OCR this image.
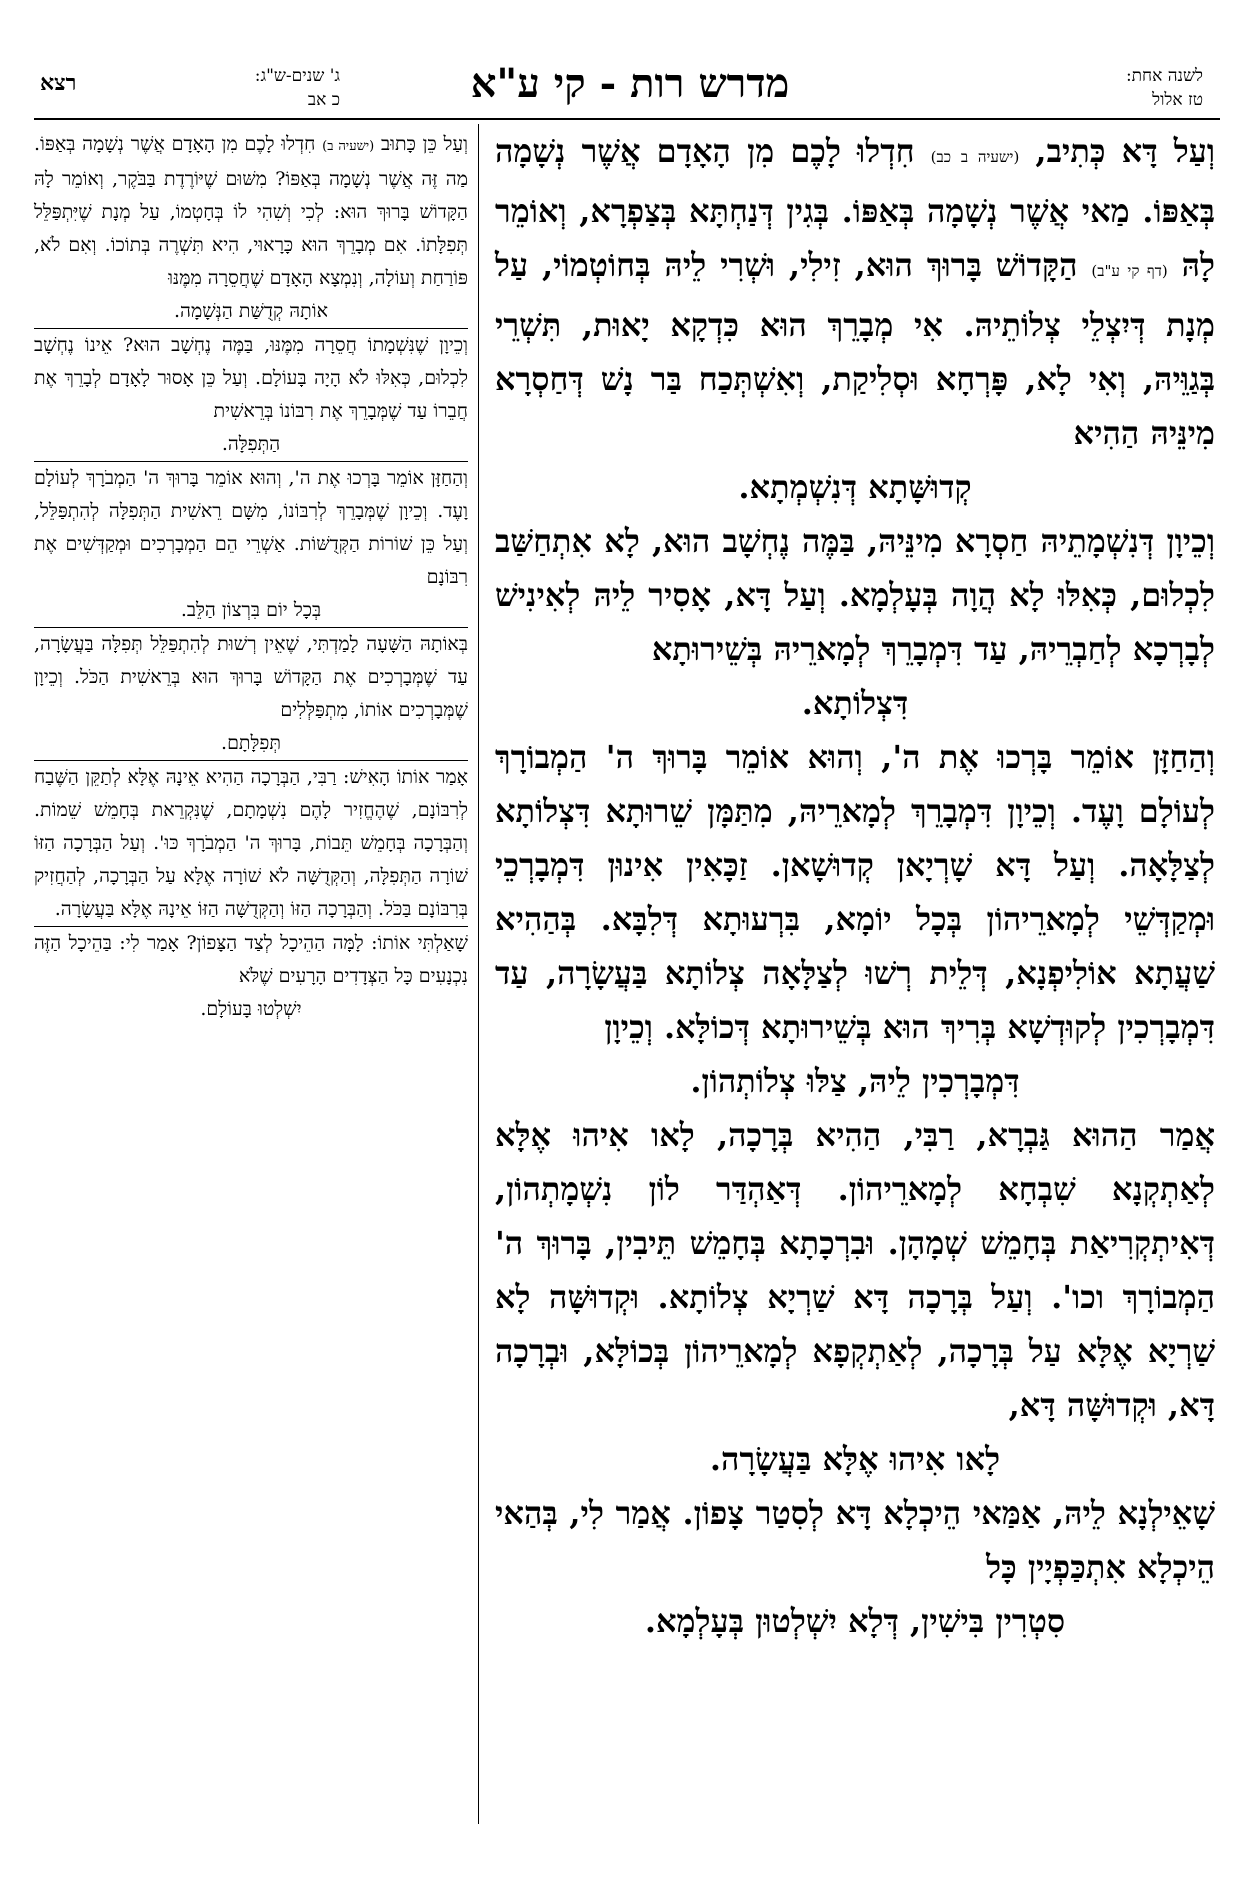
לשנה אחת:
טז אלול
מדרש רות - קי ע"א
ג' שנים-ש"ג:
כ אב
רצא

וְעַל דָּא כְּתִיב, (ישעיה ב כב) חִדְלוּ לָכֶם מִן הָאָדָם אֲשֶׁר נְשָׁמָה בְּאַפּוֹ. מַאי אֲשֶׁר נְשָׁמָה בְּאַפּוֹ. בְּגִין דְּנַחְתָּא בְּצַפְרָא, וְאוֹמֵר לָהּ (דף קי ע"ב) הַקָּדוֹשׁ בָּרוּךְ הוּא, זִילִי, וּשְׁרִי לֵיהּ בְּחוֹטְמוֹי, עַל מְנָת דְּיִצְלֵי צְלוֹתֵיהּ. אִי מְבָרֵךְ הוּא כִּדְקָא יָאוּת, תִּשְׁרֵי בְּגַוֵּיהּ, וְאִי לָא, פָּרְחָא וּסְלִיקַת, וְאִשְׁתְּכַח בַּר נָשׁ דְּחַסְרָא מִינֵּיהּ הַהִיא

קְדוּשָּׁתָא דְּנִשְׁמְתָא.

וְכֵיוָן דְּנִשְׁמָתֵיהּ חַסְרָא מִינֵּיהּ, בַּמֶּה נֶחְשָׁב הוּא, לָא אִתְחַשַּׁב לִכְלוּם, כְּאִלּוּ לָא הֲוָה בְּעָלְמָא. וְעַל דָּא, אָסִיר לֵיהּ לְאִינִישׁ לְבָרְכָא לְחַבְרֵיהּ, עַד דִּמְבָרֵךְ לְמָארֵיהּ בְּשֵׁירוּתָא

דִּצְלוֹתָא.

וְהַחַזָּן אוֹמֵר בָּרְכוּ אֶת ה', וְהוּא אוֹמֵר בָּרוּךְ ה' הַמְבוֹרָךְ לְעוֹלָם וָעֶד. וְכֵיוָן דִּמְבָרֵךְ לְמָארֵיהּ, מִתַּמָּן שֵׁרוּתָא דִּצְלוֹתָא לְצַלָּאָה. וְעַל דָּא שָׁרְיָאן קְדוּשָׁאן. זַכָּאִין אִינוּן דִּמְבָרְכֵי וּמְקַדְּשֵׁי לְמָארֵיהוֹן בְּכָל יוֹמָא, בִּרְעוּתָא דְּלִבָּא. בְּהַהִיא שַׁעֲתָא אוֹלִיפְנָא, דְּלֵית רְשׁוּ לְצַלָּאָה צְלוֹתָא בַּעֲשָׂרָה, עַד דִּמְבָרְכִין לְקוּדְשָׁא בְּרִיךְ הוּא בְּשֵׁירוּתָא דְּכוֹלָּא. וְכֵיוָן

דִּמְבָרְכִין לֵיהּ, צַלּוּ צְלוֹתְהוֹן.

אֲמַר הַהוּא גַּבְרָא, רַבִּי, הַהִיא בְּרָכָה, לָאו אִיהוּ אֶלָּא לְאַתְקְנָא שִׁבְחָא לְמָארֵיהוֹן. דְּאַהְדַּר לוֹן נִשְׁמָתְהוֹן, דְּאִיתְקְרִיאַת בְּחָמֵשׁ שְׁמָהָן. וּבִרְכָתָא בְּחָמֵשׁ תֵּיבִין, בָּרוּךְ ה' הַמְבוֹרָךְ וכו'. וְעַל בְּרָכָה דָּא שַׁרְיָא צְלוֹתָא. וּקְדוּשָּׁה לָא שַׁרְיָא אֶלָּא עַל בְּרָכָה, לְאַתְקְפָא לְמָארֵיהוֹן בְּכוֹלָּא, וּבְרָכָה דָּא, וּקְדוּשָּׁה דָּא,

לָאו אִיהוּ אֶלָּא בַּעֲשָׂרָה.

שָׁאֵילְנָא לֵיהּ, אַמַּאי הֵיכְלָא דָּא לְסִטַר צָפוֹן. אֲמַר לִי, בְּהַאי הֵיכְלָא אִתְכַּפְיָין כָּל

סִטְרִין בִּישִׁין, דְּלָא יִשְׁלְטוּן בְּעָלְמָא.

וְעַל כֵּן כָּתוּב (ישעיה ב) חִדְלוּ לָכֶם מִן הָאָדָם אֲשֶׁר נְשָׁמָה בְּאַפּוֹ. מַה זֶּה אֲשֶׁר נְשָׁמָה בְּאַפּוֹ? מִשּׁוּם שֶׁיּוֹרֶדֶת בַּבֹּקֶר, וְאוֹמֵר לָהּ הַקָּדוֹשׁ בָּרוּךְ הוּא: לְכִי וְשִׁהִי לוֹ בְּחָטְמוֹ, עַל מְנָת שֶׁיִּתְפַּלֵּל תְּפִלָּתוֹ. אִם מְבָרֵךְ הוּא כָּרָאוּי, הִיא תִּשְׁרֶה בְּתוֹכוֹ. וְאִם לֹא, פּוֹרַחַת וְעוֹלָה, וְנִמְצָא הָאָדָם שֶׁחֲסֵרָה מִמֶּנּוּ

אוֹתָהּ קְדֻשַּׁת הַנְּשָׁמָה.

וְכֵיוָן שֶׁנִּשְׁמָתוֹ חֲסֵרָה מִמֶּנּוּ, בַּמֶּה נֶחְשָׁב הוּא? אֵינוֹ נֶחְשָׁב לִכְלוּם, כְּאִלּוּ לֹא הָיָה בָּעוֹלָם. וְעַל כֵּן אָסוּר לָאָדָם לְבָרֵךְ אֶת חֲבֵרוֹ עַד שֶׁמְּבָרֵךְ אֶת רִבּוֹנוֹ בְּרֵאשִׁית

הַתְּפִלָּה.

וְהַחַזָּן אוֹמֵר בָּרְכוּ אֶת ה', וְהוּא אוֹמֵר בָּרוּךְ ה' הַמְבֹרָךְ לְעוֹלָם וָעֶד. וְכֵיוָן שֶׁמְּבָרֵךְ לְרִבּוֹנוֹ, מִשָּׁם רֵאשִׁית הַתְּפִלָּה לְהִתְפַּלֵּל, וְעַל כֵּן שׁוֹרוֹת הַקְּדֻשּׁוֹת. אַשְׁרֵי הֵם הַמְבָרְכִים וּמְקַדְּשִׁים אֶת רִבּוֹנָם

בְּכָל יוֹם בִּרְצוֹן הַלֵּב.

בְּאוֹתָהּ הַשָּׁעָה לָמַדְתִּי, שֶׁאֵין רְשׁוּת לְהִתְפַּלֵּל תְּפִלָּה בַּעֲשָׂרָה, עַד שֶׁמְּבָרְכִים אֶת הַקָּדוֹשׁ בָּרוּךְ הוּא בְּרֵאשִׁית הַכֹּל. וְכֵיוָן שֶׁמְּבָרְכִים אוֹתוֹ, מִתְפַּלְּלִים

תְּפִלָּתָם.

אָמַר אוֹתוֹ הָאִישׁ: רַבִּי, הַבְּרָכָה הַהִיא אֵינָהּ אֶלָּא לְתַקֵּן הַשֶּׁבַח לְרִבּוֹנָם, שֶׁהֶחֱזִיר לָהֶם נִשְׁמָתָם, שֶׁנִּקְרֵאת בְּחָמֵשׁ שֵׁמוֹת. וְהַבְּרָכָה בְּחָמֵשׁ תֵּבוֹת, בָּרוּךְ ה' הַמְבֹרָךְ כּוּ'. וְעַל הַבְּרָכָה הַזּוֹ שׁוֹרָה הַתְּפִלָּה, וְהַקְּדֻשָּׁה לֹא שׁוֹרָה אֶלָּא עַל הַבְּרָכָה, לְהַחֲזִיק בְּרִבּוֹנָם בַּכֹּל. וְהַבְּרָכָה הַזּוֹ וְהַקְּדֻשָּׁה הַזּוֹ אֵינָהּ אֶלָּא בַּעֲשָׂרָה.

שָׁאַלְתִּי אוֹתוֹ: לָמָּה הַהֵיכָל לְצַד הַצָּפוֹן? אָמַר לִי: בַּהֵיכָל הַזֶּה נִכְנָעִים כָּל הַצְּדָדִים הָרָעִים שֶׁלֹּא

יִשְׁלְטוּ בָּעוֹלָם.
